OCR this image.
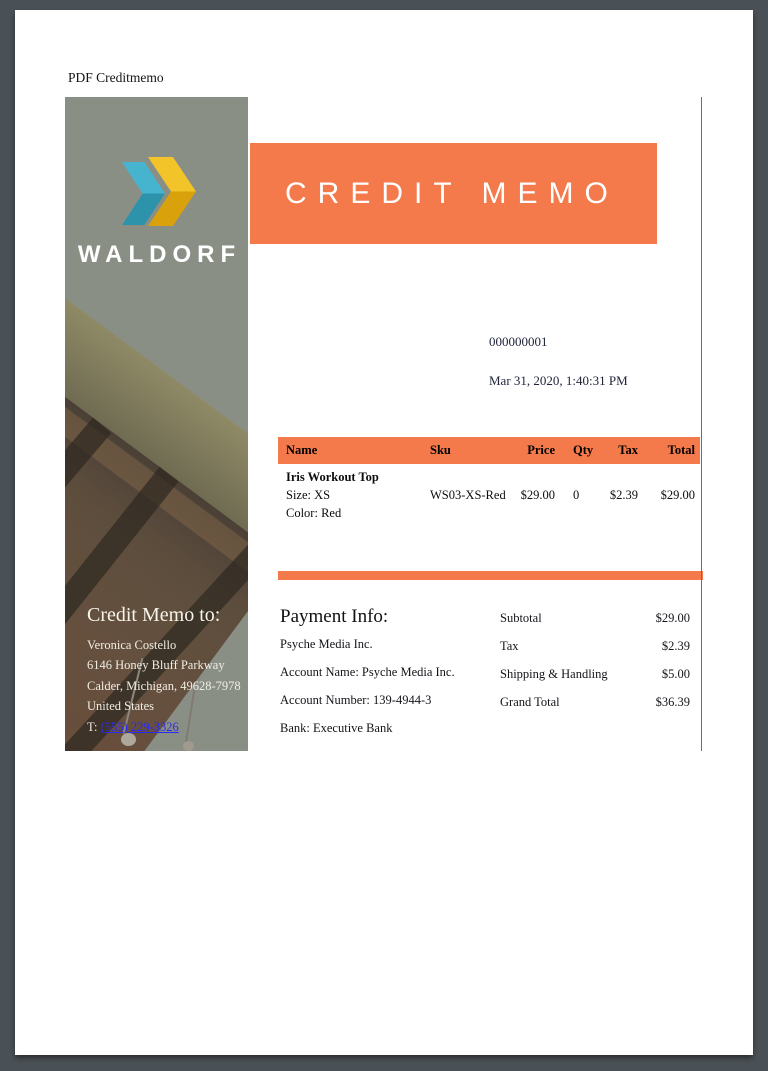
PDF Creditmemo
WALDORF
Credit Memo to:
Veronica Costello
6146 Honey Bluff Parkway
Calder, Michigan, 49628-7978
United States
T: (555) 229-3326
CREDIT MEMO
000000001
Mar 31, 2020, 1:40:31 PM
Name	Sku	Price	Qty	Tax	Total
Iris Workout Top
Size: XS
Color: Red
WS03-XS-Red	$29.00	0	$2.39	$29.00
Payment Info:

Psyche Media Inc.

Account Name: Psyche Media Inc.

Account Number: 139-4944-3

Bank: Executive Bank

Subtotal	$29.00
Tax	$2.39
Shipping & Handling	$5.00
Grand Total	$36.39
